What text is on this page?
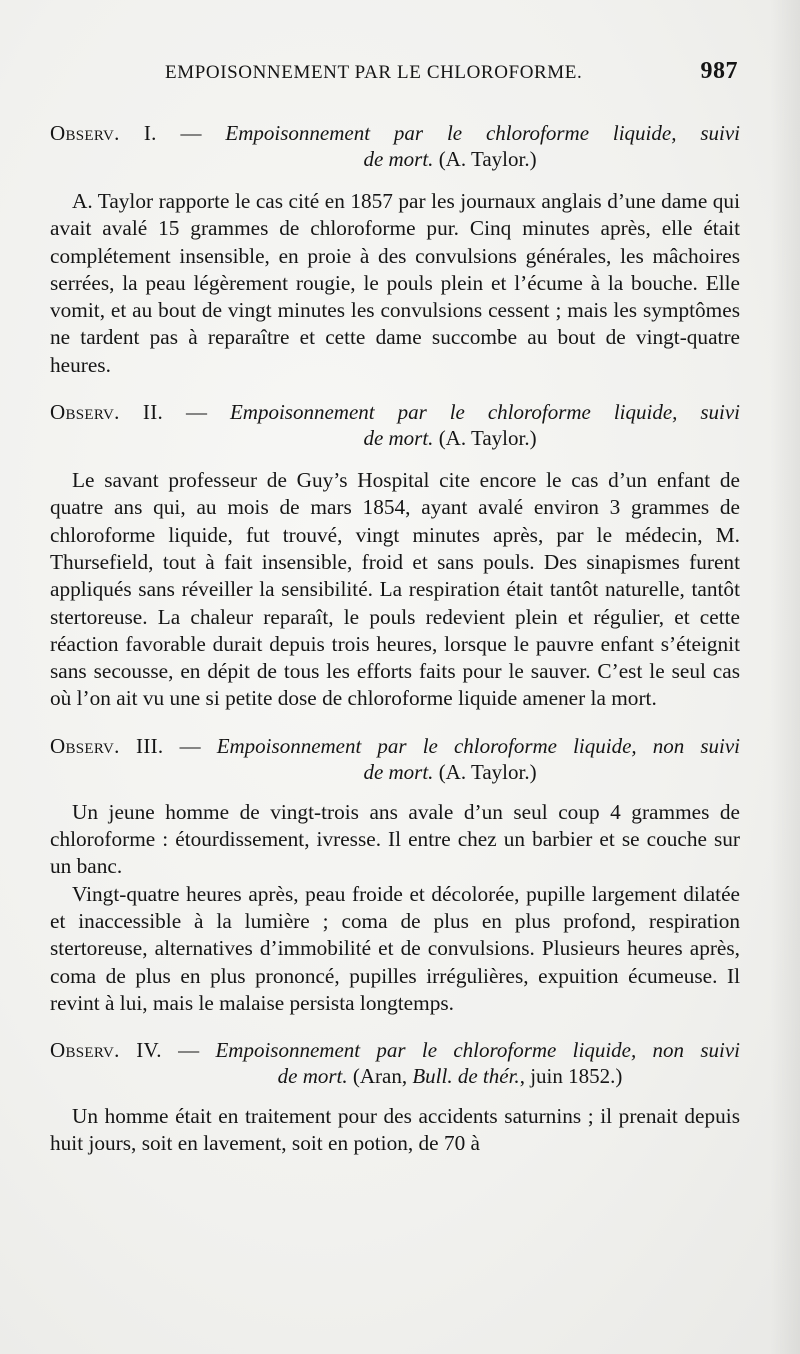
EMPOISONNEMENT PAR LE CHLOROFORME.	987
Observ. I. — Empoisonnement par le chloroforme liquide, suivi
de mort. (A. Taylor.)

A. Taylor rapporte le cas cité en 1857 par les journaux anglais d’une dame qui avait avalé 15 grammes de chloroforme pur. Cinq minutes après, elle était complétement insensible, en proie à des convulsions générales, les mâchoires serrées, la peau légèrement rougie, le pouls plein et l’écume à la bouche. Elle vomit, et au bout de vingt minutes les convulsions cessent ; mais les symptômes ne tardent pas à reparaître et cette dame succombe au bout de vingt-quatre heures.

Observ. II. — Empoisonnement par le chloroforme liquide, suivi
de mort. (A. Taylor.)

Le savant professeur de Guy’s Hospital cite encore le cas d’un enfant de quatre ans qui, au mois de mars 1854, ayant avalé environ 3 grammes de chloroforme liquide, fut trouvé, vingt minutes après, par le médecin, M. Thursefield, tout à fait insensible, froid et sans pouls. Des sinapismes furent appliqués sans réveiller la sensibilité. La respiration était tantôt naturelle, tantôt stertoreuse. La chaleur reparaît, le pouls redevient plein et régulier, et cette réaction favorable durait depuis trois heures, lorsque le pauvre enfant s’éteignit sans secousse, en dépit de tous les efforts faits pour le sauver. C’est le seul cas où l’on ait vu une si petite dose de chloroforme liquide amener la mort.

Observ. III. — Empoisonnement par le chloroforme liquide, non suivi
de mort. (A. Taylor.)

Un jeune homme de vingt-trois ans avale d’un seul coup 4 grammes de chloroforme : étourdissement, ivresse. Il entre chez un barbier et se couche sur un banc.

Vingt-quatre heures après, peau froide et décolorée, pupille largement dilatée et inaccessible à la lumière ; coma de plus en plus profond, respiration stertoreuse, alternatives d’immobilité et de convulsions. Plusieurs heures après, coma de plus en plus prononcé, pupilles irrégulières, expuition écumeuse. Il revint à lui, mais le malaise persista longtemps.

Observ. IV. — Empoisonnement par le chloroforme liquide, non suivi
de mort. (Aran, Bull. de thér., juin 1852.)

Un homme était en traitement pour des accidents saturnins ; il prenait depuis huit jours, soit en lavement, soit en potion, de 70 à
